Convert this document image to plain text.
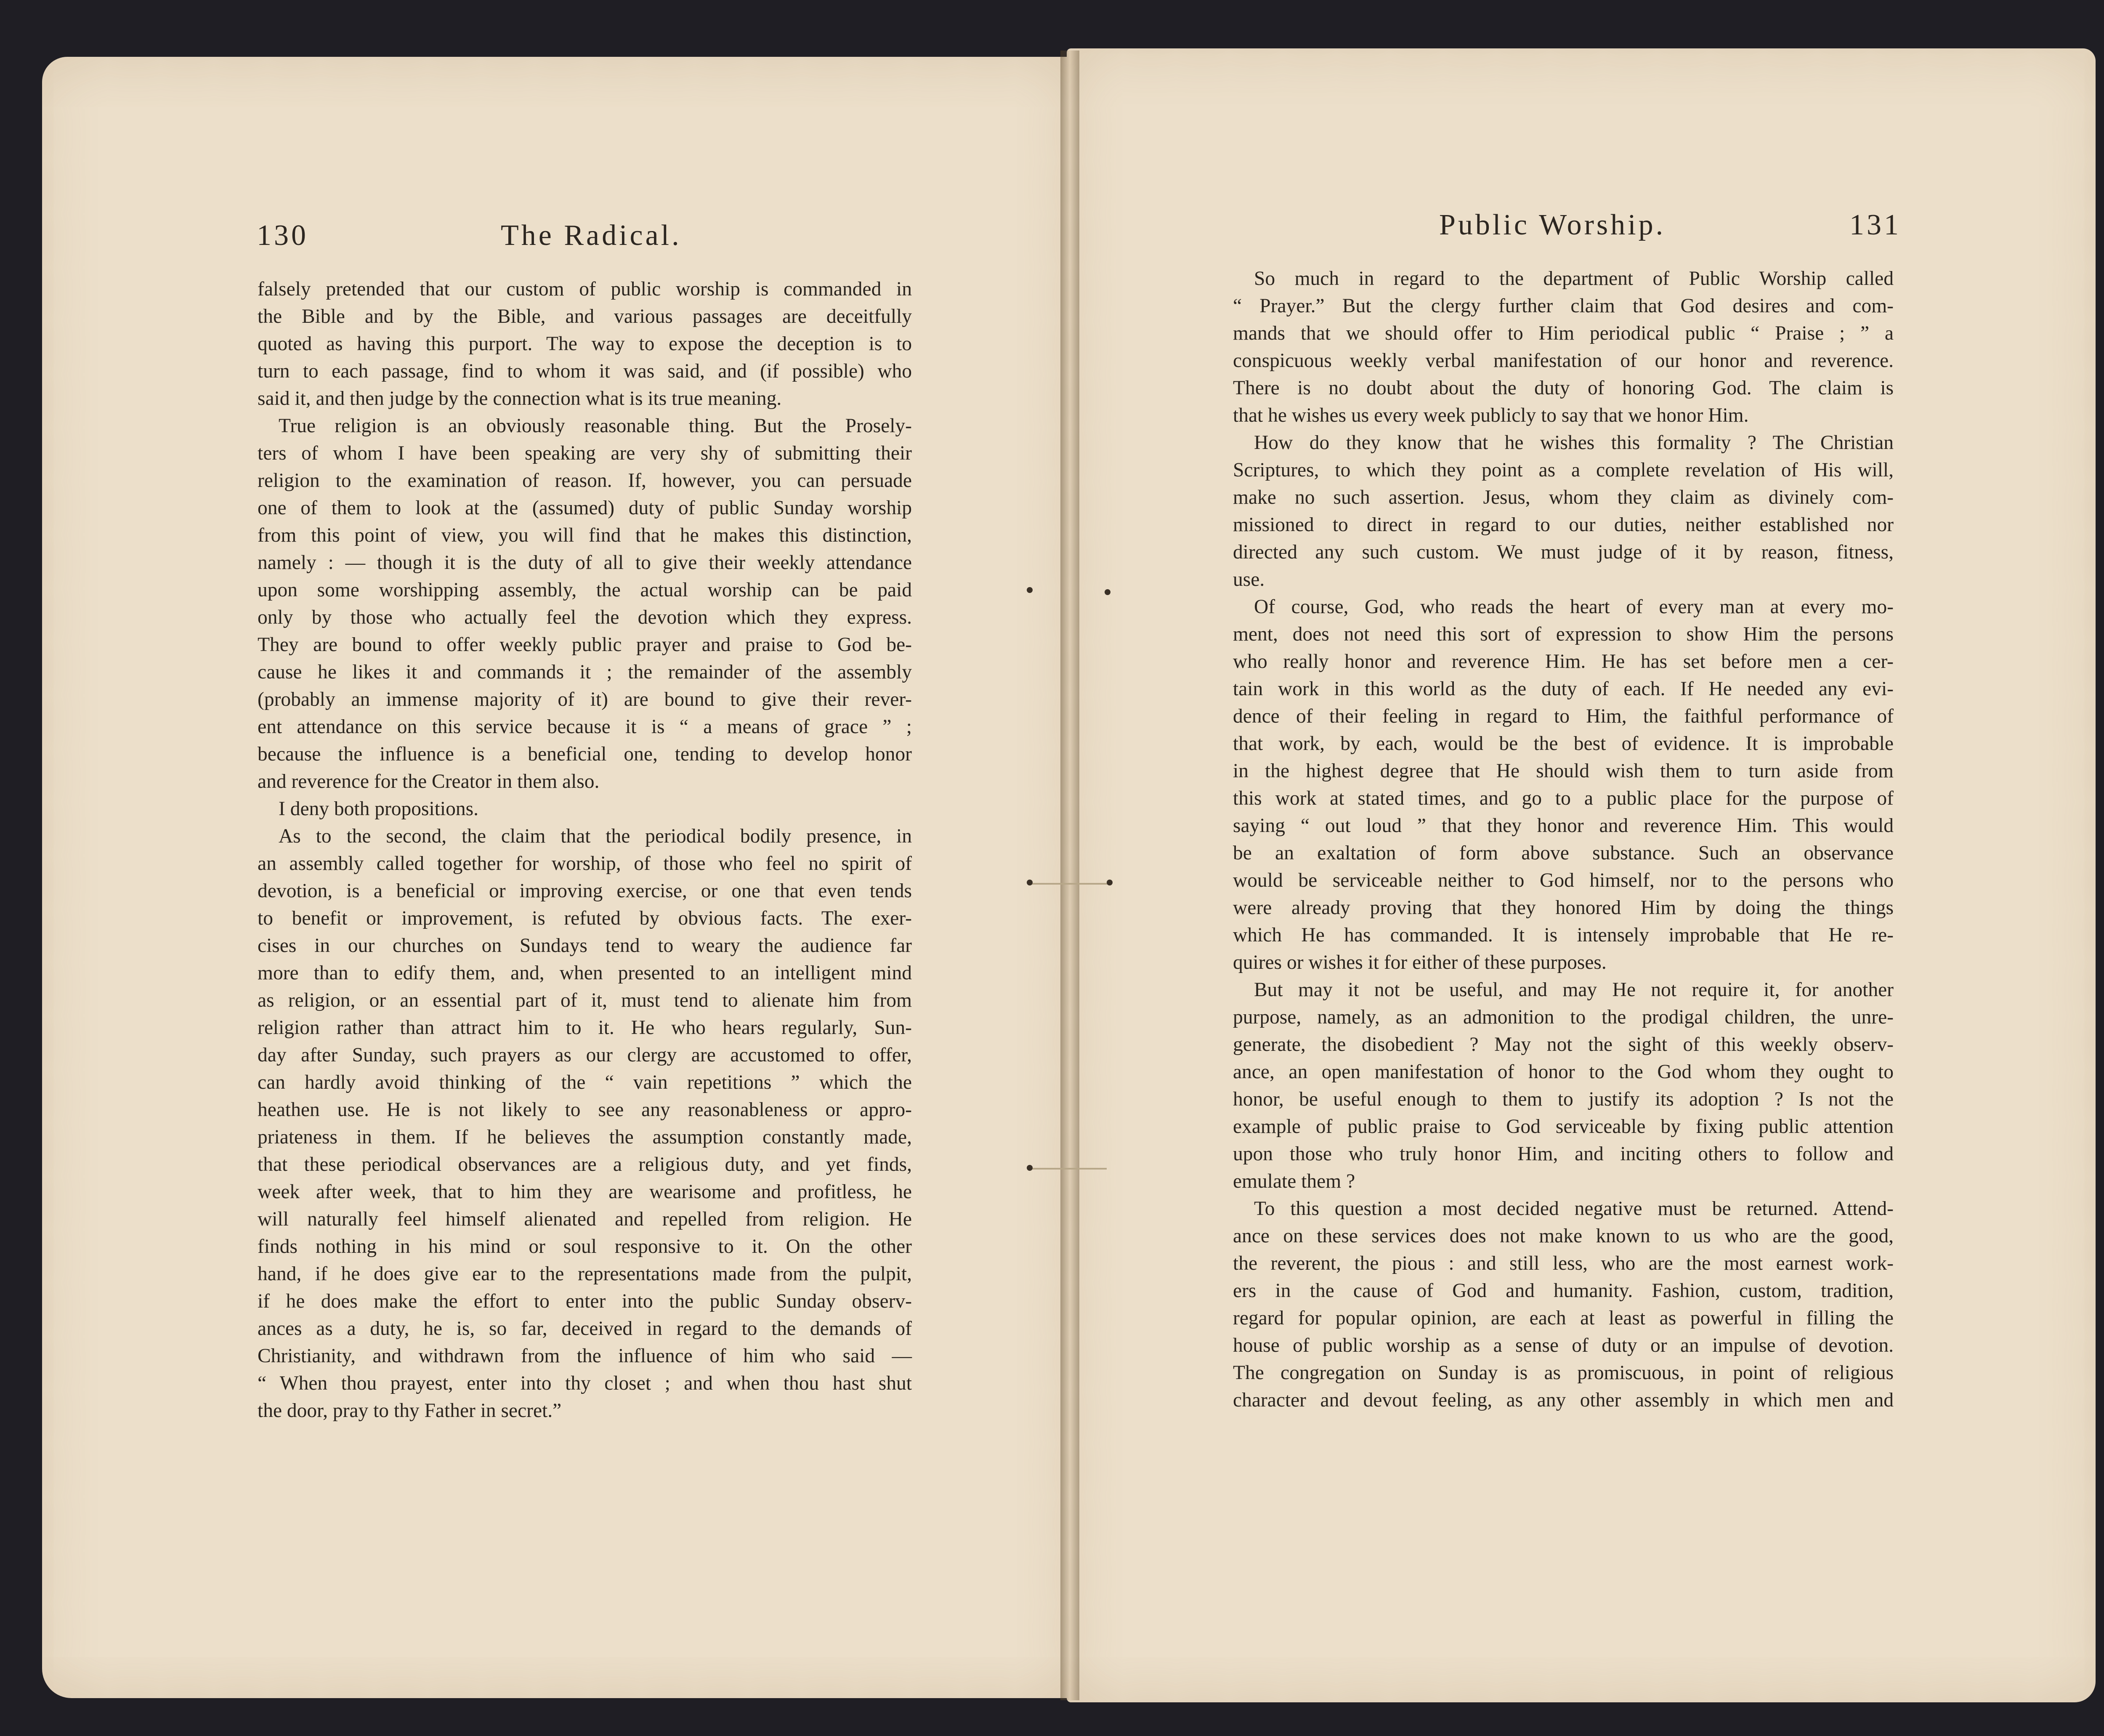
130	The Radical.	Public Worship.	131
falsely pretended that our custom of public worship is commanded in
the Bible and by the Bible, and various passages are deceitfully
quoted as having this purport. The way to expose the deception is to
turn to each passage, find to whom it was said, and (if possible) who
said it, and then judge by the connection what is its true meaning.
True religion is an obviously reasonable thing. But the Prosely-
ters of whom I have been speaking are very shy of submitting their
religion to the examination of reason. If, however, you can persuade
one of them to look at the (assumed) duty of public Sunday worship
from this point of view, you will find that he makes this distinction,
namely : — though it is the duty of all to give their weekly attendance
upon some worshipping assembly, the actual worship can be paid
only by those who actually feel the devotion which they express.
They are bound to offer weekly public prayer and praise to God be-
cause he likes it and commands it ; the remainder of the assembly
(probably an immense majority of it) are bound to give their rever-
ent attendance on this service because it is “ a means of grace ” ;
because the influence is a beneficial one, tending to develop honor
and reverence for the Creator in them also.
I deny both propositions.
As to the second, the claim that the periodical bodily presence, in
an assembly called together for worship, of those who feel no spirit of
devotion, is a beneficial or improving exercise, or one that even tends
to benefit or improvement, is refuted by obvious facts. The exer-
cises in our churches on Sundays tend to weary the audience far
more than to edify them, and, when presented to an intelligent mind
as religion, or an essential part of it, must tend to alienate him from
religion rather than attract him to it. He who hears regularly, Sun-
day after Sunday, such prayers as our clergy are accustomed to offer,
can hardly avoid thinking of the “ vain repetitions ” which the
heathen use. He is not likely to see any reasonableness or appro-
priateness in them. If he believes the assumption constantly made,
that these periodical observances are a religious duty, and yet finds,
week after week, that to him they are wearisome and profitless, he
will naturally feel himself alienated and repelled from religion. He
finds nothing in his mind or soul responsive to it. On the other
hand, if he does give ear to the representations made from the pulpit,
if he does make the effort to enter into the public Sunday observ-
ances as a duty, he is, so far, deceived in regard to the demands of
Christianity, and withdrawn from the influence of him who said —
“ When thou prayest, enter into thy closet ; and when thou hast shut
the door, pray to thy Father in secret.”
So much in regard to the department of Public Worship called
“ Prayer.” But the clergy further claim that God desires and com-
mands that we should offer to Him periodical public “ Praise ; ” a
conspicuous weekly verbal manifestation of our honor and reverence.
There is no doubt about the duty of honoring God. The claim is
that he wishes us every week publicly to say that we honor Him.
How do they know that he wishes this formality ? The Christian
Scriptures, to which they point as a complete revelation of His will,
make no such assertion. Jesus, whom they claim as divinely com-
missioned to direct in regard to our duties, neither established nor
directed any such custom. We must judge of it by reason, fitness,
use.
Of course, God, who reads the heart of every man at every mo-
ment, does not need this sort of expression to show Him the persons
who really honor and reverence Him. He has set before men a cer-
tain work in this world as the duty of each. If He needed any evi-
dence of their feeling in regard to Him, the faithful performance of
that work, by each, would be the best of evidence. It is improbable
in the highest degree that He should wish them to turn aside from
this work at stated times, and go to a public place for the purpose of
saying “ out loud ” that they honor and reverence Him. This would
be an exaltation of form above substance. Such an observance
would be serviceable neither to God himself, nor to the persons who
were already proving that they honored Him by doing the things
which He has commanded. It is intensely improbable that He re-
quires or wishes it for either of these purposes.
But may it not be useful, and may He not require it, for another
purpose, namely, as an admonition to the prodigal children, the unre-
generate, the disobedient ? May not the sight of this weekly observ-
ance, an open manifestation of honor to the God whom they ought to
honor, be useful enough to them to justify its adoption ? Is not the
example of public praise to God serviceable by fixing public attention
upon those who truly honor Him, and inciting others to follow and
emulate them ?
To this question a most decided negative must be returned. Attend-
ance on these services does not make known to us who are the good,
the reverent, the pious : and still less, who are the most earnest work-
ers in the cause of God and humanity. Fashion, custom, tradition,
regard for popular opinion, are each at least as powerful in filling the
house of public worship as a sense of duty or an impulse of devotion.
The congregation on Sunday is as promiscuous, in point of religious
character and devout feeling, as any other assembly in which men and
